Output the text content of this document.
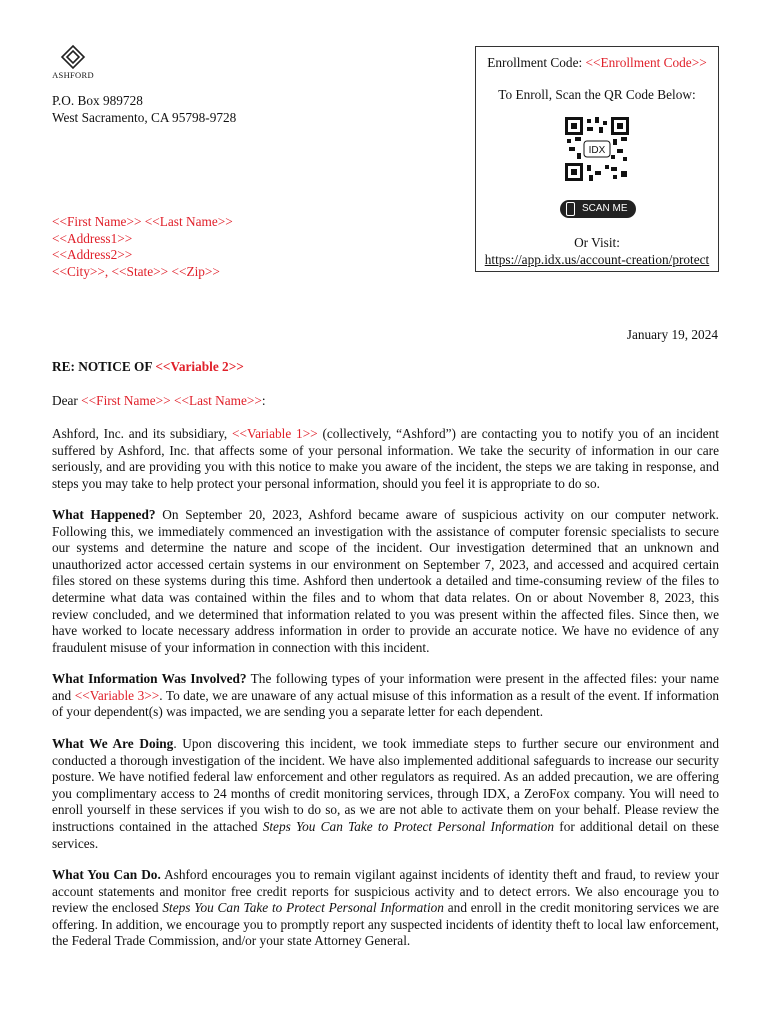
ASHFORD
P.O. Box 989728
West Sacramento, CA 95798-9728
<<First Name>> <<Last Name>>
<<Address1>>
<<Address2>>
<<City>>, <<State>> <<Zip>>
Enrollment Code: <<Enrollment Code>>
To Enroll, Scan the QR Code Below:
IDX
SCAN ME
Or Visit:
https://app.idx.us/account-creation/protect
January 19, 2024
RE: NOTICE OF <<Variable 2>>
Dear <<First Name>> <<Last Name>>:

Ashford, Inc. and its subsidiary, <<Variable 1>> (collectively, “Ashford”) are contacting you to notify you of an incident suffered by Ashford, Inc. that affects some of your personal information. We take the security of information in our care seriously, and are providing you with this notice to make you aware of the incident, the steps we are taking in response, and steps you may take to help protect your personal information, should you feel it is appropriate to do so.

What Happened? On September 20, 2023, Ashford became aware of suspicious activity on our computer network. Following this, we immediately commenced an investigation with the assistance of computer forensic specialists to secure our systems and determine the nature and scope of the incident. Our investigation determined that an unknown and unauthorized actor accessed certain systems in our environment on September 7, 2023, and accessed and acquired certain files stored on these systems during this time. Ashford then undertook a detailed and time-consuming review of the files to determine what data was contained within the files and to whom that data relates. On or about November 8, 2023, this review concluded, and we determined that information related to you was present within the affected files. Since then, we have worked to locate necessary address information in order to provide an accurate notice. We have no evidence of any fraudulent misuse of your information in connection with this incident.

What Information Was Involved? The following types of your information were present in the affected files: your name and <<Variable 3>>. To date, we are unaware of any actual misuse of this information as a result of the event. If information of your dependent(s) was impacted, we are sending you a separate letter for each dependent.

What We Are Doing. Upon discovering this incident, we took immediate steps to further secure our environment and conducted a thorough investigation of the incident. We have also implemented additional safeguards to increase our security posture. We have notified federal law enforcement and other regulators as required. As an added precaution, we are offering you complimentary access to 24 months of credit monitoring services, through IDX, a ZeroFox company. You will need to enroll yourself in these services if you wish to do so, as we are not able to activate them on your behalf. Please review the instructions contained in the attached Steps You Can Take to Protect Personal Information for additional detail on these services.

What You Can Do. Ashford encourages you to remain vigilant against incidents of identity theft and fraud, to review your account statements and monitor free credit reports for suspicious activity and to detect errors. We also encourage you to review the enclosed Steps You Can Take to Protect Personal Information and enroll in the credit monitoring services we are offering. In addition, we encourage you to promptly report any suspected incidents of identity theft to local law enforcement, the Federal Trade Commission, and/or your state Attorney General.
